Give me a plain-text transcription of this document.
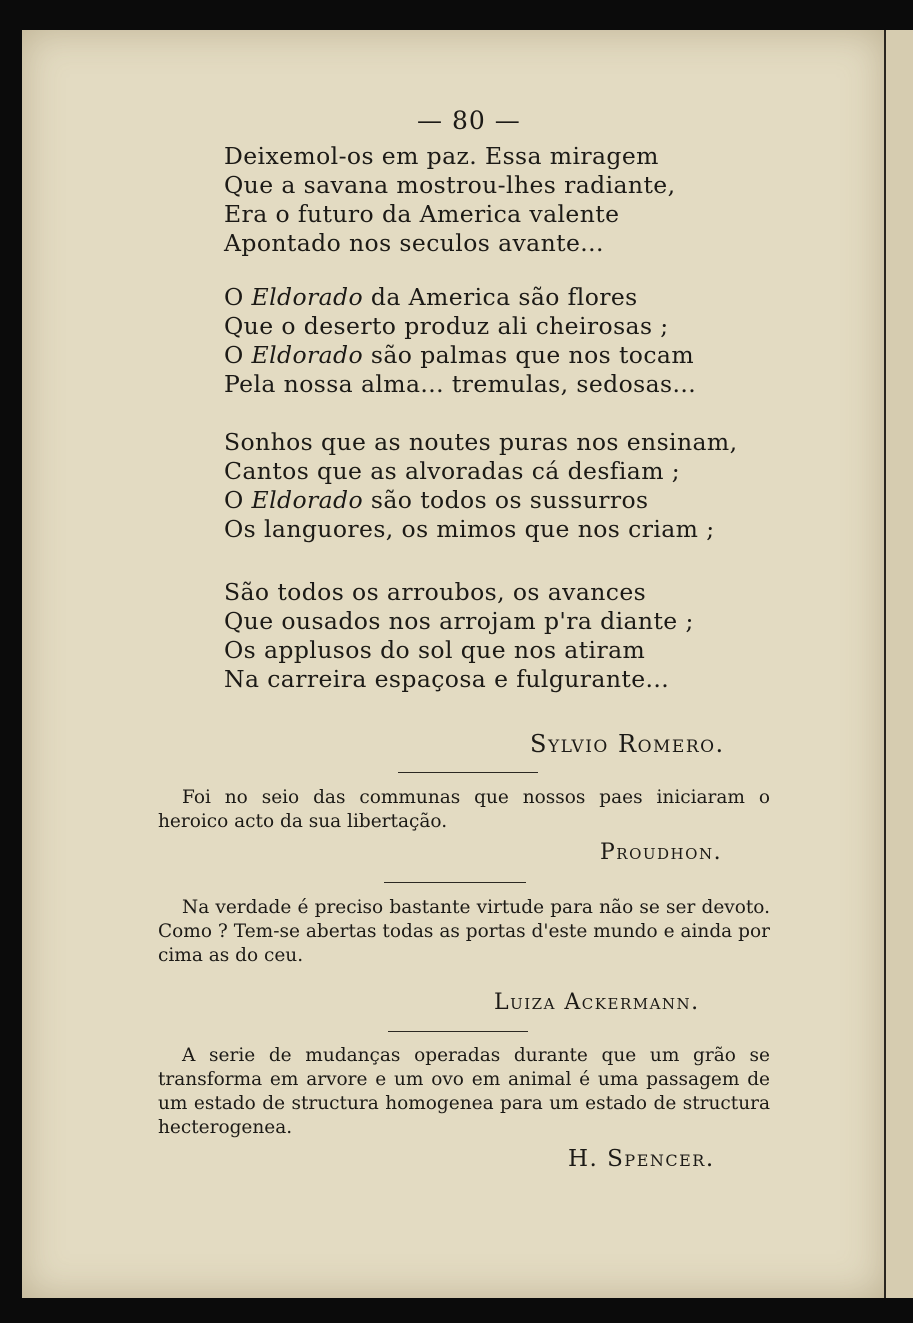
— 80 —
Deixemol-os em paz. Essa miragem
Que a savana mostrou-lhes radiante,
Era o futuro da America valente
Apontado nos seculos avante...
O Eldorado da America são flores
Que o deserto produz ali cheirosas ;
O Eldorado são palmas que nos tocam
Pela nossa alma... tremulas, sedosas...
Sonhos que as noutes puras nos ensinam,
Cantos que as alvoradas cá desfiam ;
O Eldorado são todos os sussurros
Os languores, os mimos que nos criam ;
São todos os arroubos, os avances
Que ousados nos arrojam p'ra diante ;
Os applusos do sol que nos atiram
Na carreira espaçosa e fulgurante...
Sylvio Romero.

Foi no seio das communas que nossos paes iniciaram o heroico acto da sua libertação.

Proudhon.

Na verdade é preciso bastante virtude para não se ser devoto. Como ? Tem-se abertas todas as portas d'este mundo e ainda por cima as do ceu.

Luiza Ackermann.

A serie de mudanças operadas durante que um grão se transforma em arvore e um ovo em animal é uma passagem de um estado de structura homogenea para um estado de structura hecterogenea.

H. Spencer.
